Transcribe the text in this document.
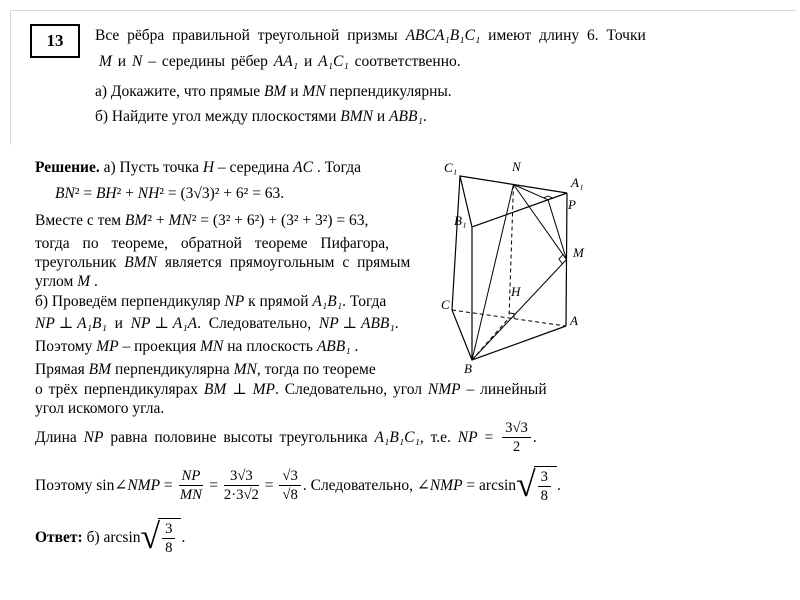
13 Все рёбра правильной треугольной призмы ABCA₁B₁C₁ имеют длину 6. Точки
M и N – середины рёбер AA₁ и A₁C₁ соответственно.
а) Докажите, что прямые BM и MN перпендикулярны.
б) Найдите угол между плоскостями BMN и ABB₁.
Решение. а) Пусть точка H – середина AC . Тогда
BN² = BH² + NH² = (3√3)² + 6² = 63.
Вместе с тем BM² + MN² = (3² + 6²) + (3² + 3²) = 63,
тогда по теореме, обратной теореме Пифагора,
треугольник BMN является прямоугольным с прямым
углом M .
б) Проведём перпендикуляр NP к прямой A₁B₁. Тогда
NP ⊥ A₁B₁  и  NP ⊥ A₁A.  Следовательно,  NP ⊥ ABB₁.
Поэтому MP – проекция MN на плоскость ABB₁ .
Прямая BM перпендикулярна MN, тогда по теореме
о трёх перпендикулярах BM ⊥ MP. Следовательно, угол NMP – линейный
угол искомого угла.
Длина NP равна половине высоты треугольника A₁B₁C₁ , т.е. NP = $\frac{3√3}{2}$ .
Поэтому sin∠ NMP = $\frac{NP}{MN} = \frac{3√3}{2\cdot 3√2} = \frac{√3}{√8}$ . Следовательно, ∠ NMP = arcsin √ $\frac{3}{8}$ .
Ответ: б) arcsin √ $\frac{3}{8}$ .
C₁	N
A₁
B₁
P
M
C
H
A
B
